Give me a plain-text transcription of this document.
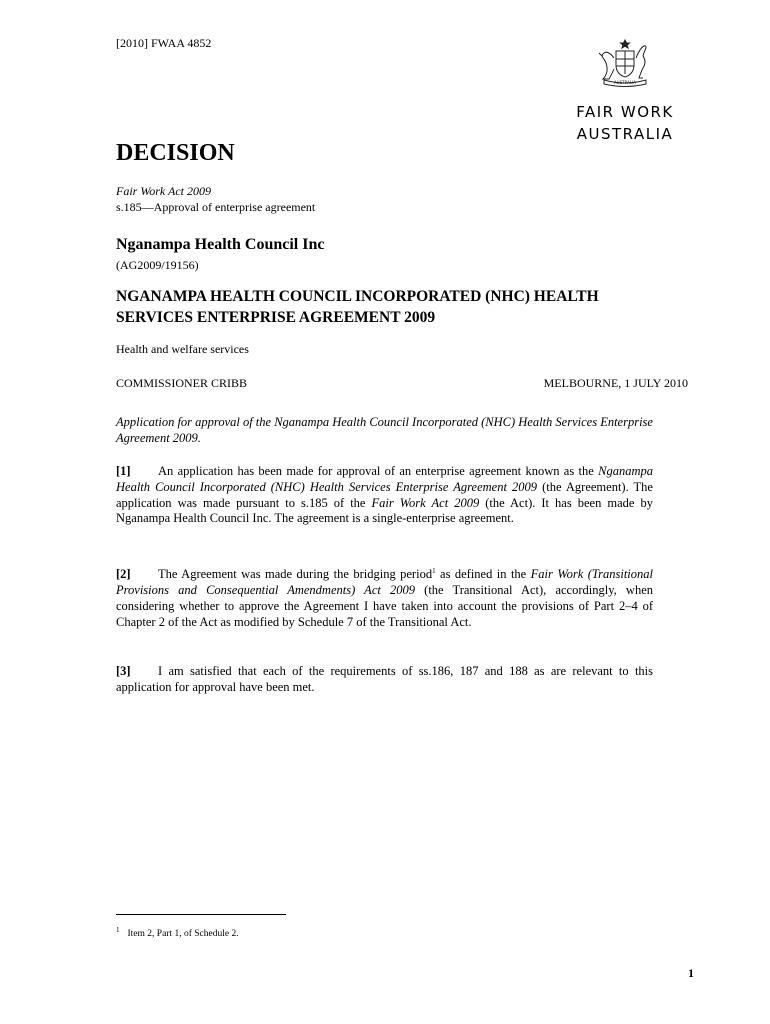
[2010] FWAA 4852
AUSTRALIA
FAIR WORK
AUSTRALIA
DECISION
Fair Work Act 2009
s.185—Approval of enterprise agreement
Nganampa Health Council Inc
(AG2009/19156)
NGANAMPA HEALTH COUNCIL INCORPORATED (NHC) HEALTH SERVICES ENTERPRISE AGREEMENT 2009
Health and welfare services
COMMISSIONER CRIBB	MELBOURNE, 1 JULY 2010
Application for approval of the Nganampa Health Council Incorporated (NHC) Health Services Enterprise Agreement 2009.
[1] An application has been made for approval of an enterprise agreement known as the Nganampa Health Council Incorporated (NHC) Health Services Enterprise Agreement 2009 (the Agreement). The application was made pursuant to s.185 of the Fair Work Act 2009 (the Act). It has been made by Nganampa Health Council Inc. The agreement is a single-enterprise agreement.
[2] The Agreement was made during the bridging period$^1$ as defined in the Fair Work (Transitional Provisions and Consequential Amendments) Act 2009 (the Transitional Act), accordingly, when considering whether to approve the Agreement I have taken into account the provisions of Part 2–4 of Chapter 2 of the Act as modified by Schedule 7 of the Transitional Act.
[3] I am satisfied that each of the requirements of ss.186, 187 and 188 as are relevant to this application for approval have been met.
$^1$ Item 2, Part 1, of Schedule 2.
1
